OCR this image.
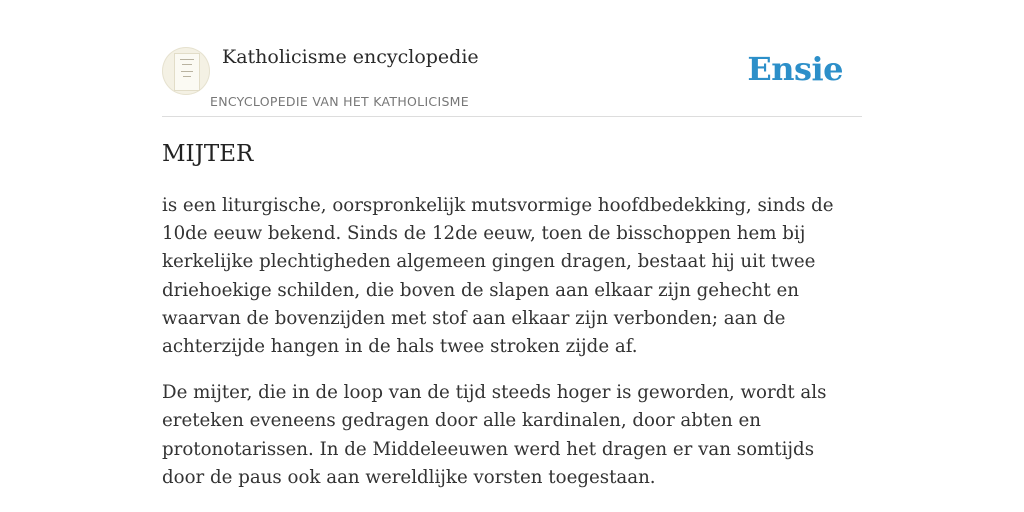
Katholicisme encyclopedie
ENCYCLOPEDIE VAN HET KATHOLICISME
Ensie
MIJTER

is een liturgische, oorspronkelijk mutsvormige hoofdbedekking, sinds de 10de eeuw bekend. Sinds de 12de eeuw, toen de bisschoppen hem bij kerkelijke plechtigheden algemeen gingen dragen, bestaat hij uit twee driehoekige schilden, die boven de slapen aan elkaar zijn gehecht en waarvan de bovenzijden met stof aan elkaar zijn verbonden; aan de achterzijde hangen in de hals twee stroken zijde af.

De mijter, die in de loop van de tijd steeds hoger is geworden, wordt als ereteken eveneens gedragen door alle kardinalen, door abten en protonotarissen. In de Middeleeuwen werd het dragen er van somtijds door de paus ook aan wereldlijke vorsten toegestaan.
